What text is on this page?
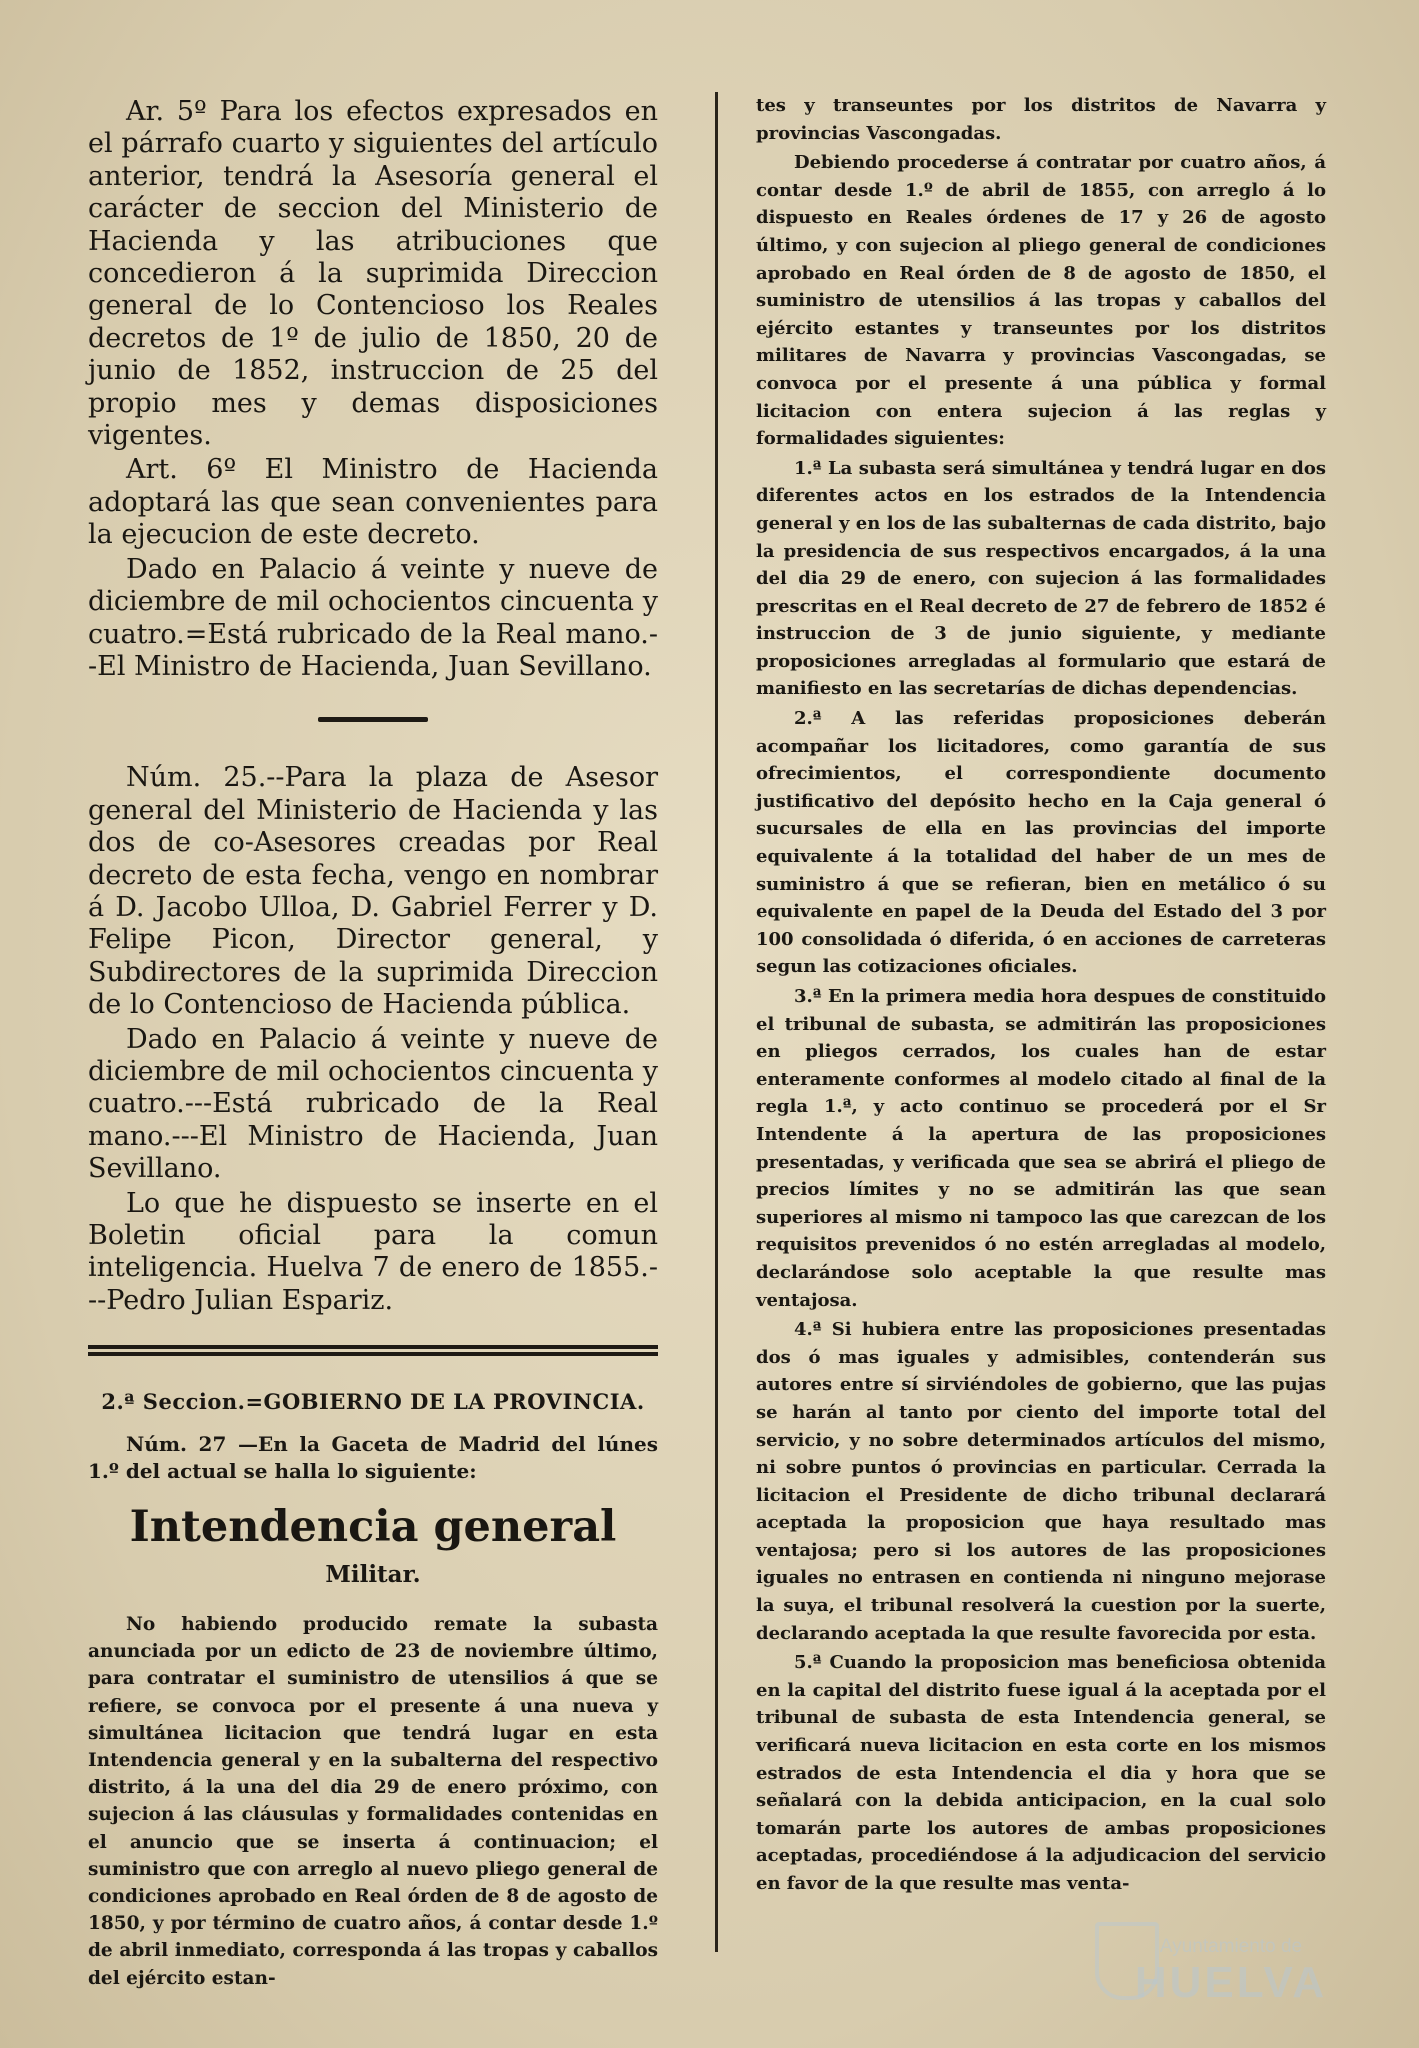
Ar. 5º Para los efectos expresados en el párrafo cuarto y siguientes del artículo anterior, tendrá la Asesoría general el carácter de seccion del Ministerio de Hacienda y las atribuciones que concedieron á la suprimida Direccion general de lo Contencioso los Reales decretos de 1º de julio de 1850, 20 de junio de 1852, instruccion de 25 del propio mes y demas disposiciones vigentes.

Art. 6º El Ministro de Hacienda adoptará las que sean convenientes para la ejecucion de este decreto.

Dado en Palacio á veinte y nueve de diciembre de mil ochocientos cincuenta y cuatro.=Está rubricado de la Real mano.--El Ministro de Hacienda, Juan Sevillano.

Núm. 25.--Para la plaza de Asesor general del Ministerio de Hacienda y las dos de co-Asesores creadas por Real decreto de esta fecha, vengo en nombrar á D. Jacobo Ulloa, D. Gabriel Ferrer y D. Felipe Picon, Director general, y Subdirectores de la suprimida Direccion de lo Contencioso de Hacienda pública.

Dado en Palacio á veinte y nueve de diciembre de mil ochocientos cincuenta y cuatro.---Está rubricado de la Real mano.---El Ministro de Hacienda, Juan Sevillano.

Lo que he dispuesto se inserte en el Boletin oficial para la comun inteligencia. Huelva 7 de enero de 1855.---Pedro Julian Espariz.

2.ª Seccion.=GOBIERNO DE LA PROVINCIA.

Núm. 27 —En la Gaceta de Madrid del lúnes 1.º del actual se halla lo siguiente:

Intendencia general
Militar.

No habiendo producido remate la subasta anunciada por un edicto de 23 de noviembre último, para contratar el suministro de utensilios á que se refiere, se convoca por el presente á una nueva y simultánea licitacion que tendrá lugar en esta Intendencia general y en la subalterna del respectivo distrito, á la una del dia 29 de enero próximo, con sujecion á las cláusulas y formalidades contenidas en el anuncio que se inserta á continuacion; el suministro que con arreglo al nuevo pliego general de condiciones aprobado en Real órden de 8 de agosto de 1850, y por término de cuatro años, á contar desde 1.º de abril inmediato, corresponda á las tropas y caballos del ejército estan-

tes y transeuntes por los distritos de Navarra y provincias Vascongadas.

Debiendo procederse á contratar por cuatro años, á contar desde 1.º de abril de 1855, con arreglo á lo dispuesto en Reales órdenes de 17 y 26 de agosto último, y con sujecion al pliego general de condiciones aprobado en Real órden de 8 de agosto de 1850, el suministro de utensilios á las tropas y caballos del ejército estantes y transeuntes por los distritos militares de Navarra y provincias Vascongadas, se convoca por el presente á una pública y formal licitacion con entera sujecion á las reglas y formalidades siguientes:

1.ª La subasta será simultánea y tendrá lugar en dos diferentes actos en los estrados de la Intendencia general y en los de las subalternas de cada distrito, bajo la presidencia de sus respectivos encargados, á la una del dia 29 de enero, con sujecion á las formalidades prescritas en el Real decreto de 27 de febrero de 1852 é instruccion de 3 de junio siguiente, y mediante proposiciones arregladas al formulario que estará de manifiesto en las secretarías de dichas dependencias.

2.ª A las referidas proposiciones deberán acompañar los licitadores, como garantía de sus ofrecimientos, el correspondiente documento justificativo del depósito hecho en la Caja general ó sucursales de ella en las provincias del importe equivalente á la totalidad del haber de un mes de suministro á que se refieran, bien en metálico ó su equivalente en papel de la Deuda del Estado del 3 por 100 consolidada ó diferida, ó en acciones de carreteras segun las cotizaciones oficiales.

3.ª En la primera media hora despues de constituido el tribunal de subasta, se admitirán las proposiciones en pliegos cerrados, los cuales han de estar enteramente conformes al modelo citado al final de la regla 1.ª, y acto continuo se procederá por el Sr Intendente á la apertura de las proposiciones presentadas, y verificada que sea se abrirá el pliego de precios límites y no se admitirán las que sean superiores al mismo ni tampoco las que carezcan de los requisitos prevenidos ó no estén arregladas al modelo, declarándose solo aceptable la que resulte mas ventajosa.

4.ª Si hubiera entre las proposiciones presentadas dos ó mas iguales y admisibles, contenderán sus autores entre sí sirviéndoles de gobierno, que las pujas se harán al tanto por ciento del importe total del servicio, y no sobre determinados artículos del mismo, ni sobre puntos ó provincias en particular. Cerrada la licitacion el Presidente de dicho tribunal declarará aceptada la proposicion que haya resultado mas ventajosa; pero si los autores de las proposiciones iguales no entrasen en contienda ni ninguno mejorase la suya, el tribunal resolverá la cuestion por la suerte, declarando aceptada la que resulte favorecida por esta.

5.ª Cuando la proposicion mas beneficiosa obtenida en la capital del distrito fuese igual á la aceptada por el tribunal de subasta de esta Intendencia general, se verificará nueva licitacion en esta corte en los mismos estrados de esta Intendencia el dia y hora que se señalará con la debida anticipacion, en la cual solo tomarán parte los autores de ambas proposiciones aceptadas, procediéndose á la adjudicacion del servicio en favor de la que resulte mas venta-

Ayuntamiento de
HUELVA
